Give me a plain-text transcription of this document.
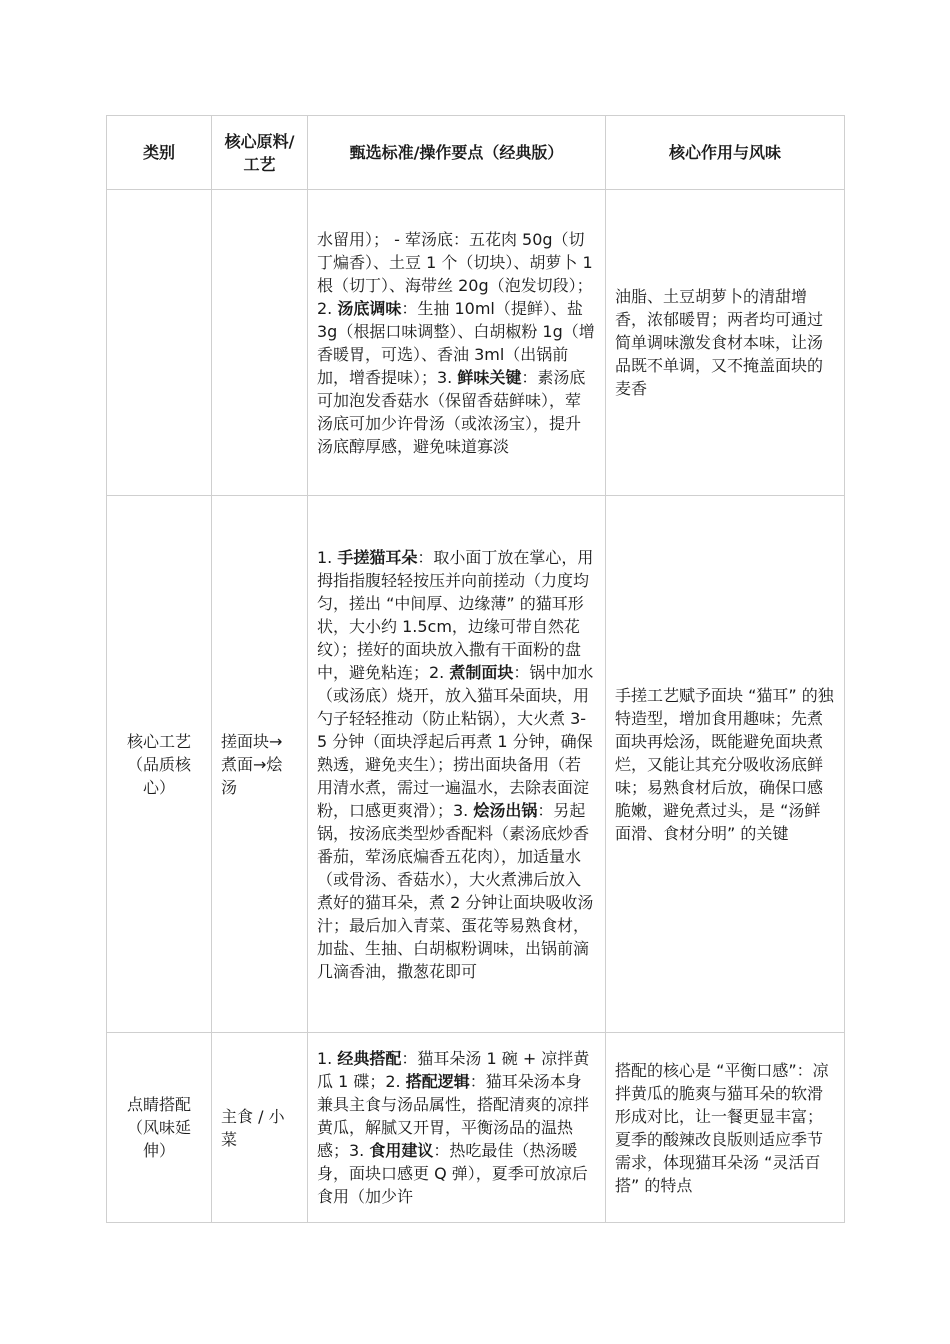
类别	核心原料/工艺	甄选标准/操作要点（经典版）	核心作用与风味

		水留用）； - 荤汤底：五花肉 50g（切丁煸香）、土豆 1 个（切块）、胡萝卜 1 根（切丁）、海带丝 20g（泡发切段）；2. 汤底调味：生抽 10ml（提鲜）、盐 3g（根据口味调整）、白胡椒粉 1g（增香暖胃，可选）、香油 3ml（出锅前加，增香提味）；3. 鲜味关键：素汤底可加泡发香菇水（保留香菇鲜味），荤汤底可加少许骨汤（或浓汤宝），提升汤底醇厚感，避免味道寡淡	油脂、土豆胡萝卜的清甜增香，浓郁暖胃；两者均可通过简单调味激发食材本味，让汤品既不单调，又不掩盖面块的麦香

核心工艺（品质核心）	搓面块→煮面→烩汤	1. 手搓猫耳朵：取小面丁放在掌心，用拇指指腹轻轻按压并向前搓动（力度均匀，搓出 “中间厚、边缘薄” 的猫耳形状，大小约 1.5cm，边缘可带自然花纹）；搓好的面块放入撒有干面粉的盘中，避免粘连；2. 煮制面块：锅中加水（或汤底）烧开，放入猫耳朵面块，用勺子轻轻推动（防止粘锅），大火煮 3-5 分钟（面块浮起后再煮 1 分钟，确保熟透，避免夹生）；捞出面块备用（若用清水煮，需过一遍温水，去除表面淀粉，口感更爽滑）；3. 烩汤出锅：另起锅，按汤底类型炒香配料（素汤底炒香番茄，荤汤底煸香五花肉），加适量水（或骨汤、香菇水），大火煮沸后放入煮好的猫耳朵，煮 2 分钟让面块吸收汤汁；最后加入青菜、蛋花等易熟食材，加盐、生抽、白胡椒粉调味，出锅前滴几滴香油，撒葱花即可	手搓工艺赋予面块 “猫耳” 的独特造型，增加食用趣味；先煮面块再烩汤，既能避免面块煮烂，又能让其充分吸收汤底鲜味；易熟食材后放，确保口感脆嫩，避免煮过头，是 “汤鲜面滑、食材分明” 的关键

点睛搭配（风味延伸）	主食 / 小菜	1. 经典搭配：猫耳朵汤 1 碗 + 凉拌黄瓜 1 碟；2. 搭配逻辑：猫耳朵汤本身兼具主食与汤品属性，搭配清爽的凉拌黄瓜，解腻又开胃，平衡汤品的温热感；3. 食用建议：热吃最佳（热汤暖身，面块口感更 Q 弹），夏季可放凉后食用（加少许	搭配的核心是 “平衡口感”：凉拌黄瓜的脆爽与猫耳朵的软滑形成对比，让一餐更显丰富；夏季的酸辣改良版则适应季节需求，体现猫耳朵汤 “灵活百搭” 的特点
